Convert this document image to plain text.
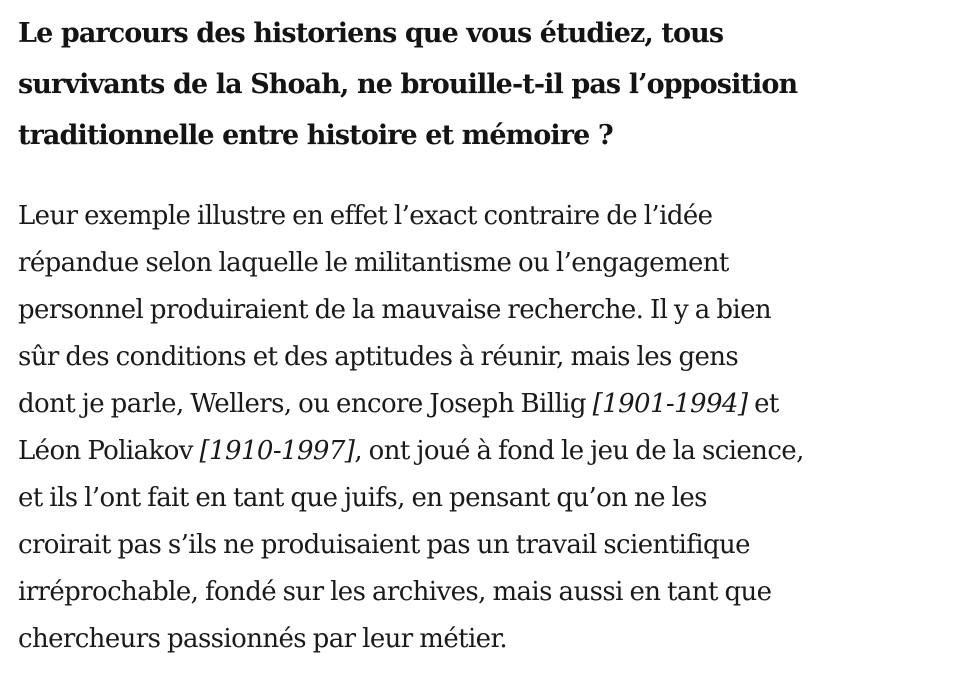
Le parcours des historiens que vous étudiez, tous
survivants de la Shoah, ne brouille-t-il pas l’opposition
traditionnelle entre histoire et mémoire ?

Leur exemple illustre en effet l’exact contraire de l’idée
répandue selon laquelle le militantisme ou l’engagement
personnel produiraient de la mauvaise recherche. Il y a bien
sûr des conditions et des aptitudes à réunir, mais les gens
dont je parle, Wellers, ou encore Joseph Billig [1901-1994] et
Léon Poliakov [1910-1997], ont joué à fond le jeu de la science,
et ils l’ont fait en tant que juifs, en pensant qu’on ne les
croirait pas s’ils ne produisaient pas un travail scientifique
irréprochable, fondé sur les archives, mais aussi en tant que
chercheurs passionnés par leur métier.
